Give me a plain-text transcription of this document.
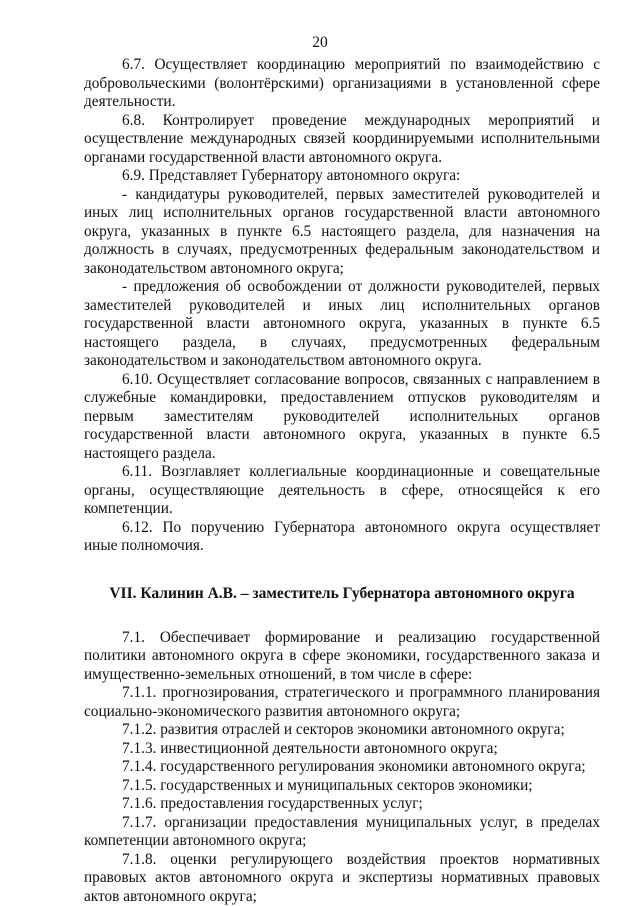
20

6.7. Осуществляет координацию мероприятий по взаимодействию с добровольческими (волонтёрскими) организациями в установленной сфере деятельности.

6.8. Контролирует проведение международных мероприятий и осуществление международных связей координируемыми исполнительными органами государственной власти автономного округа.

6.9. Представляет Губернатору автономного округа:

- кандидатуры руководителей, первых заместителей руководителей и иных лиц исполнительных органов государственной власти автономного округа, указанных в пункте 6.5 настоящего раздела, для назначения на должность в случаях, предусмотренных федеральным законодательством и законодательством автономного округа;

- предложения об освобождении от должности руководителей, первых заместителей руководителей и иных лиц исполнительных органов государственной власти автономного округа, указанных в пункте 6.5 настоящего раздела, в случаях, предусмотренных федеральным законодательством и законодательством автономного округа.

6.10. Осуществляет согласование вопросов, связанных с направлением в служебные командировки, предоставлением отпусков руководителям и первым заместителям руководителей исполнительных органов государственной власти автономного округа, указанных в пункте 6.5 настоящего раздела.

6.11. Возглавляет коллегиальные координационные и совещательные органы, осуществляющие деятельность в сфере, относящейся к его компетенции.

6.12. По поручению Губернатора автономного округа осуществляет иные полномочия.

VII. Калинин А.В. – заместитель Губернатора автономного округа

7.1. Обеспечивает формирование и реализацию государственной политики автономного округа в сфере экономики, государственного заказа и имущественно-земельных отношений, в том числе в сфере:

7.1.1. прогнозирования, стратегического и программного планирования социально-экономического развития автономного округа;

7.1.2. развития отраслей и секторов экономики автономного округа;

7.1.3. инвестиционной деятельности автономного округа;

7.1.4. государственного регулирования экономики автономного округа;

7.1.5. государственных и муниципальных секторов экономики;

7.1.6. предоставления государственных услуг;

7.1.7. организации предоставления муниципальных услуг, в пределах компетенции автономного округа;

7.1.8. оценки регулирующего воздействия проектов нормативных правовых актов автономного округа и экспертизы нормативных правовых актов автономного округа;
